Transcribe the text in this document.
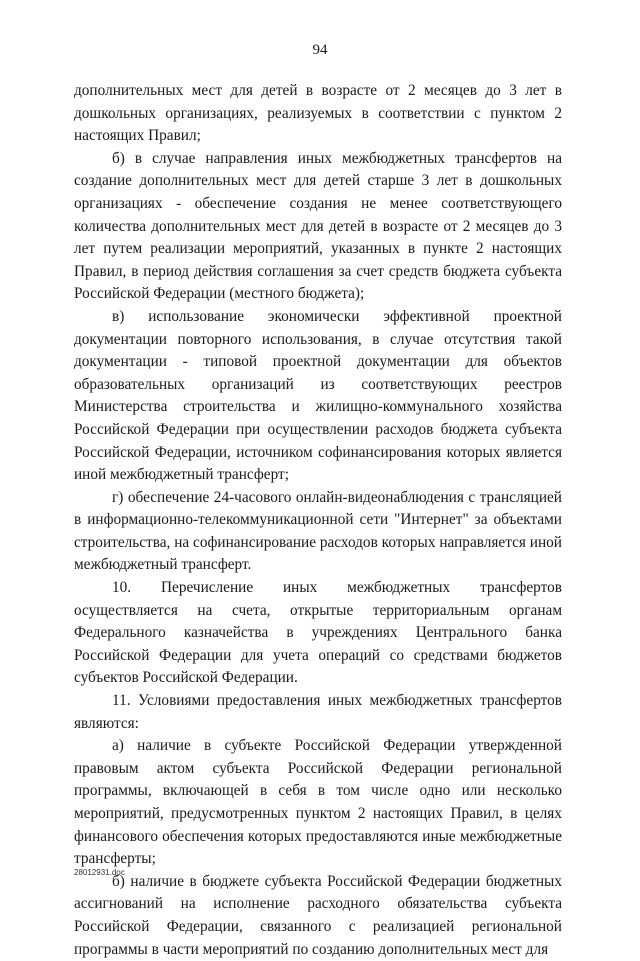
94

дополнительных мест для детей в возрасте от 2 месяцев до 3 лет в дошкольных организациях, реализуемых в соответствии с пунктом 2 настоящих Правил;

б) в случае направления иных межбюджетных трансфертов на создание дополнительных мест для детей старше 3 лет в дошкольных организациях - обеспечение создания не менее соответствующего количества дополнительных мест для детей в возрасте от 2 месяцев до 3 лет путем реализации мероприятий, указанных в пункте 2 настоящих Правил, в период действия соглашения за счет средств бюджета субъекта Российской Федерации (местного бюджета);

в) использование экономически эффективной проектной документации повторного использования, в случае отсутствия такой документации - типовой проектной документации для объектов образовательных организаций из соответствующих реестров Министерства строительства и жилищно-коммунального хозяйства Российской Федерации при осуществлении расходов бюджета субъекта Российской Федерации, источником софинансирования которых является иной межбюджетный трансферт;

г) обеспечение 24-часового онлайн-видеонаблюдения с трансляцией в информационно-телекоммуникационной сети "Интернет" за объектами строительства, на софинансирование расходов которых направляется иной межбюджетный трансферт.

10. Перечисление иных межбюджетных трансфертов осуществляется на счета, открытые территориальным органам Федерального казначейства в учреждениях Центрального банка Российской Федерации для учета операций со средствами бюджетов субъектов Российской Федерации.

11. Условиями предоставления иных межбюджетных трансфертов являются:

а) наличие в субъекте Российской Федерации утвержденной правовым актом субъекта Российской Федерации региональной программы, включающей в себя в том числе одно или несколько мероприятий, предусмотренных пунктом 2 настоящих Правил, в целях финансового обеспечения которых предоставляются иные межбюджетные трансферты;

б) наличие в бюджете субъекта Российской Федерации бюджетных ассигнований на исполнение расходного обязательства субъекта Российской Федерации, связанного с реализацией региональной программы в части мероприятий по созданию дополнительных мест для

28012931.doc
